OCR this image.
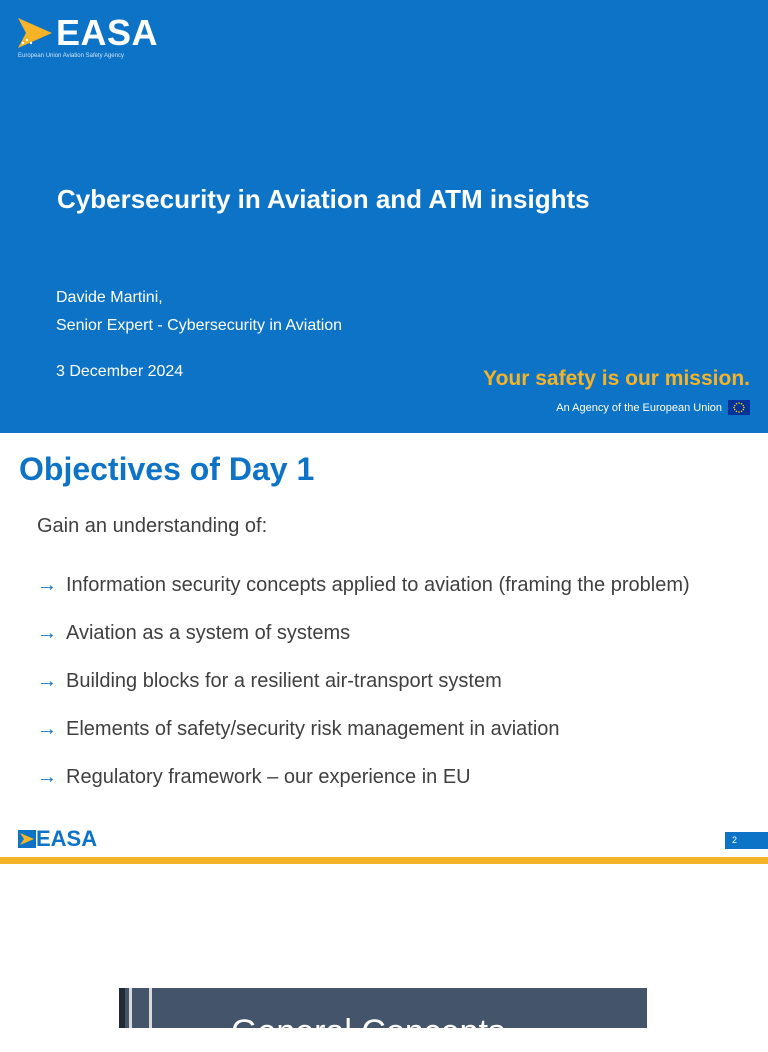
EASA
European Union Aviation Safety Agency
Cybersecurity in Aviation and ATM insights
Davide Martini,
Senior Expert - Cybersecurity in Aviation
3 December 2024	Your safety is our mission.
An Agency of the European Union
Objectives of Day 1
Gain an understanding of:
→ Information security concepts applied to aviation (framing the problem)
→ Aviation as a system of systems
→ Building blocks for a resilient air-transport system
→ Elements of safety/security risk management in aviation
→ Regulatory framework – our experience in EU
EASA	2
General Concepts
